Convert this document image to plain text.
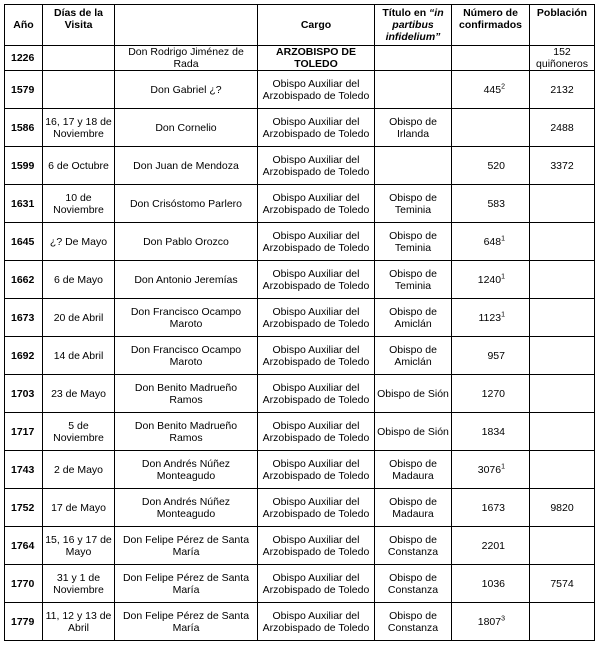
Año	Días de la Visita		Cargo	Título en “in partibus infidelium”	Número de confirmados	Población
1226		Don Rodrigo Jiménez de Rada	ARZOBISPO DE TOLEDO			152 quiñoneros
1579		Don Gabriel ¿?	Obispo Auxiliar del Arzobispado de Toledo		$445^2$	2132
1586	16, 17 y 18 de Noviembre	Don Cornelio	Obispo Auxiliar del Arzobispado de Toledo	Obispo de Irlanda		2488
1599	6 de Octubre	Don Juan de Mendoza	Obispo Auxiliar del Arzobispado de Toledo		520	3372
1631	10 de Noviembre	Don Crisóstomo Parlero	Obispo Auxiliar del Arzobispado de Toledo	Obispo de Teminia	583	
1645	¿? De Mayo	Don Pablo Orozco	Obispo Auxiliar del Arzobispado de Toledo	Obispo de Teminia	$648^1$	
1662	6 de Mayo	Don Antonio Jeremías	Obispo Auxiliar del Arzobispado de Toledo	Obispo de Teminia	1240$^1$	
1673	20 de Abril	Don Francisco Ocampo Maroto	Obispo Auxiliar del Arzobispado de Toledo	Obispo de Amiclán	1123$^1$	
1692	14 de Abril	Don Francisco Ocampo Maroto	Obispo Auxiliar del Arzobispado de Toledo	Obispo de Amiclán	957	
1703	23 de Mayo	Don Benito Madrueño Ramos	Obispo Auxiliar del Arzobispado de Toledo	Obispo de Sión	1270	
1717	5 de Noviembre	Don Benito Madrueño Ramos	Obispo Auxiliar del Arzobispado de Toledo	Obispo de Sión	1834	
1743	2 de Mayo	Don Andrés Núñez Monteagudo	Obispo Auxiliar del Arzobispado de Toledo	Obispo de Madaura	3076$^1$	
1752	17 de Mayo	Don Andrés Núñez Monteagudo	Obispo Auxiliar del Arzobispado de Toledo	Obispo de Madaura	1673	9820
1764	15, 16 y 17 de Mayo	Don Felipe Pérez de Santa María	Obispo Auxiliar del Arzobispado de Toledo	Obispo de Constanza	2201	
1770	31 y 1 de Noviembre	Don Felipe Pérez de Santa María	Obispo Auxiliar del Arzobispado de Toledo	Obispo de Constanza	1036	7574
1779	11, 12 y 13 de Abril	Don Felipe Pérez de Santa María	Obispo Auxiliar del Arzobispado de Toledo	Obispo de Constanza	1807$^3$	
